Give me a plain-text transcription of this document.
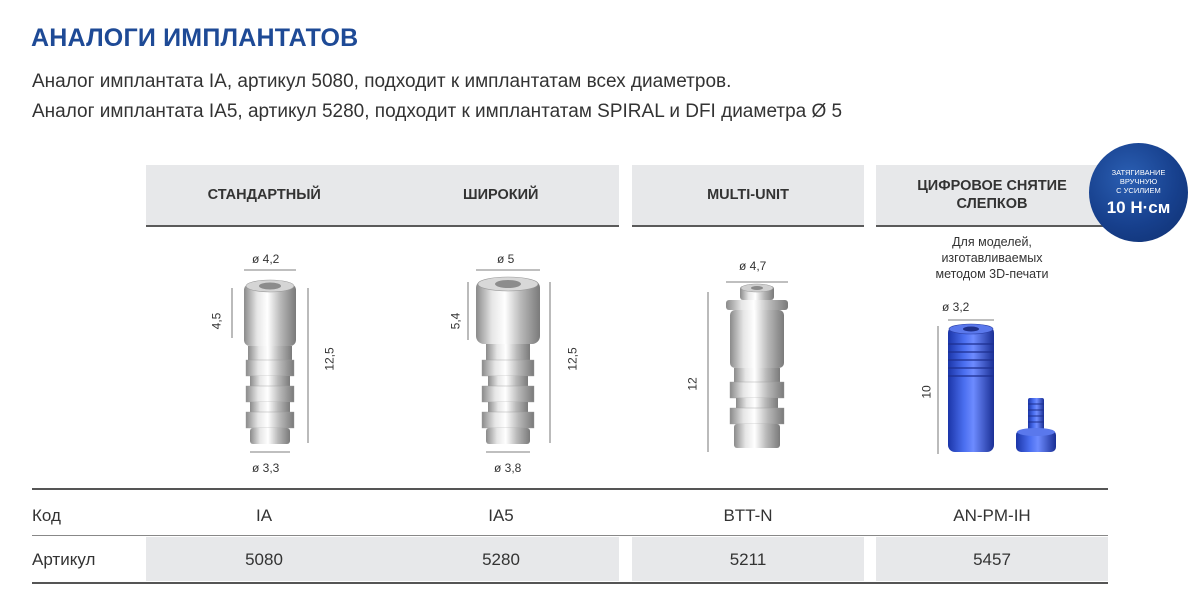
АНАЛОГИ ИМПЛАНТАТОВ
Аналог имплантата IA, артикул 5080, подходит к имплантатам всех диаметров.
Аналог имплантата IA5, артикул 5280, подходит к имплантатам SPIRAL и DFI диаметра Ø 5
СТАНДАРТНЫЙ	ШИРОКИЙ	MULTI-UNIT
ЦИФРОВОЕ СНЯТИЕ
СЛЕПКОВ
ЗАТЯГИВАНИЕ
ВРУЧНУЮ
С УСИЛИЕМ
10 Н·см
Для моделей,
изготавливаемых
методом 3D-печати
ø 4,2
4,5
12,5
ø 3,3
ø 5
5,4
12,5
ø 3,8
ø 4,7
12
ø 3,2
10
Код	IA	IA5	BTT-N	AN-PM-IH
Артикул	5080	5280	5211	5457
